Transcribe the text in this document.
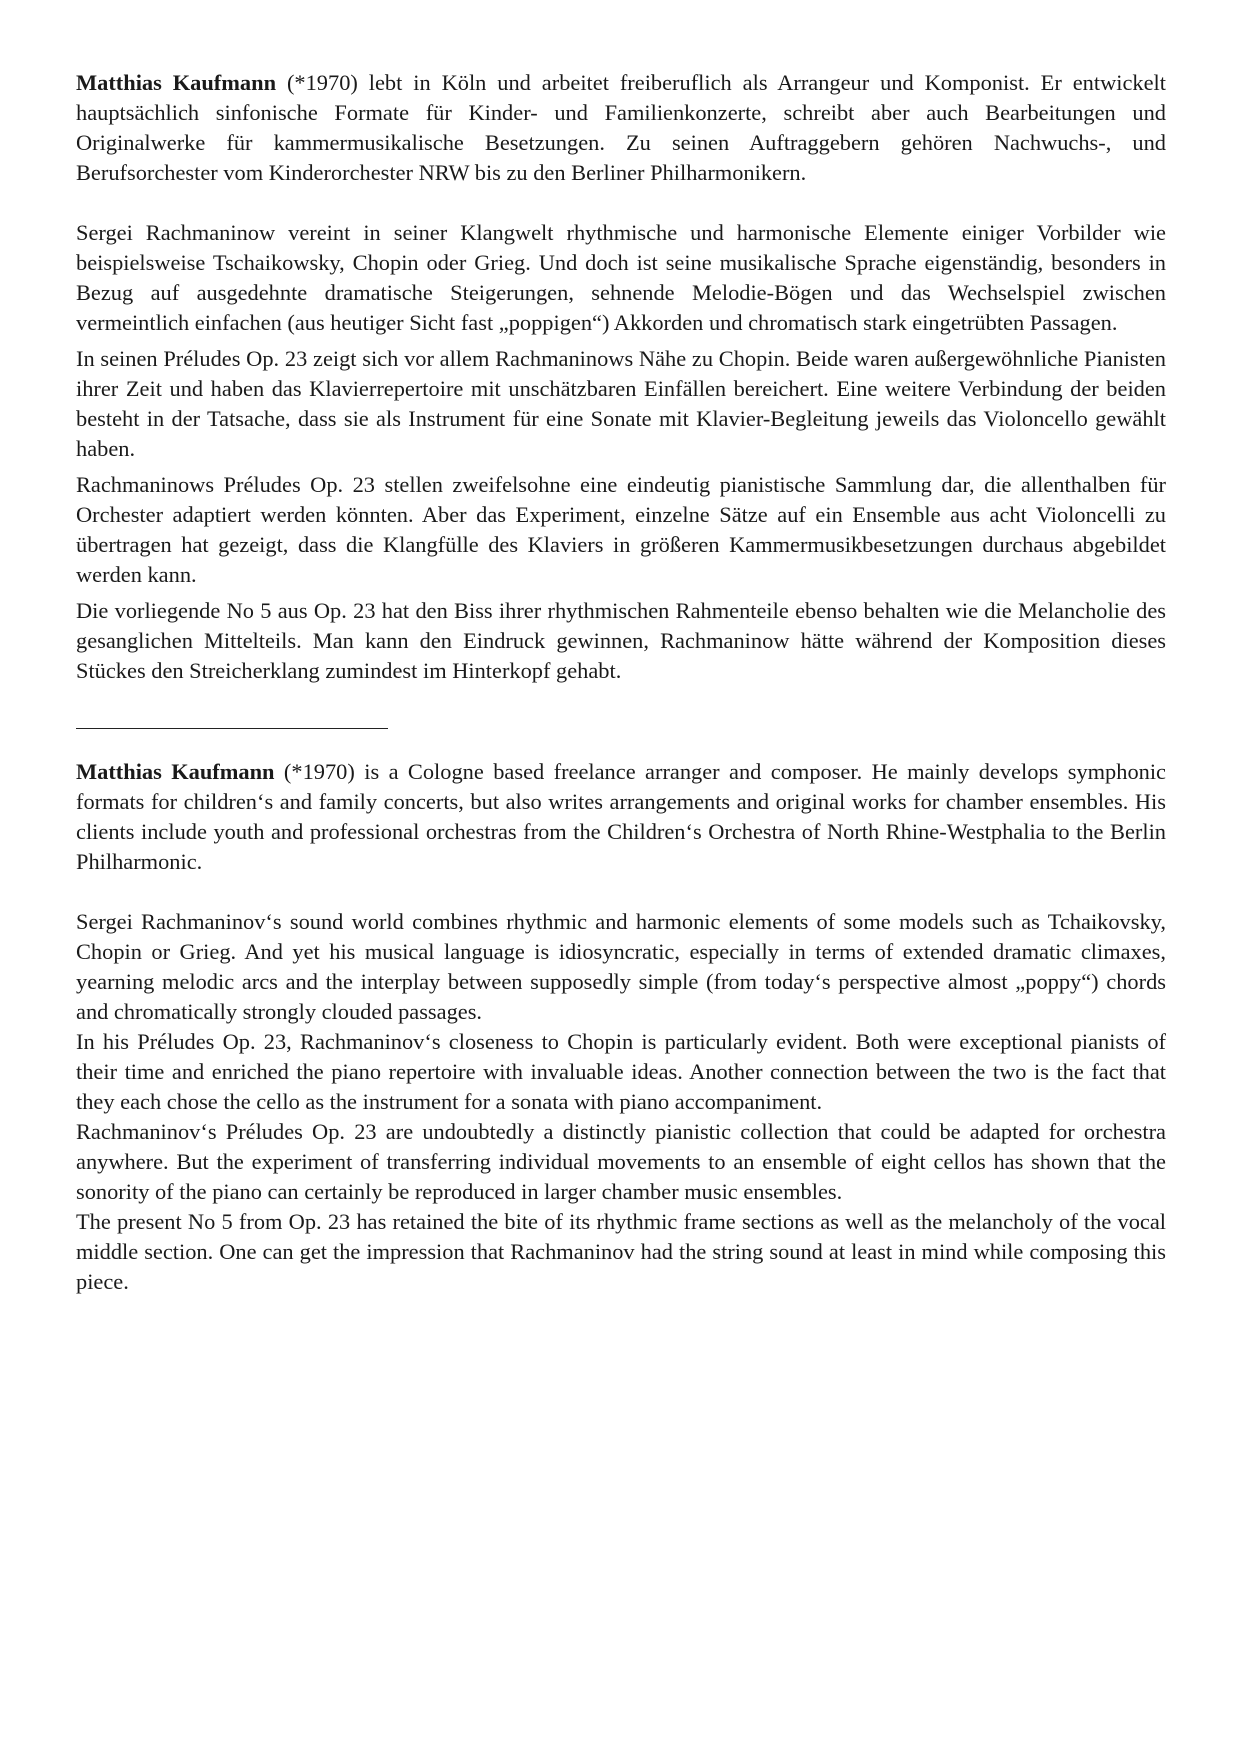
Matthias Kaufmann (*1970) lebt in Köln und arbeitet freiberuflich als Arrangeur und Komponist. Er entwickelt hauptsächlich sinfonische Formate für Kinder- und Familienkonzerte, schreibt aber auch Bearbeitungen und Originalwerke für kammermusikalische Besetzungen. Zu seinen Auftraggebern gehören Nachwuchs-, und Berufsorchester vom Kinderorchester NRW bis zu den Berliner Philharmonikern.

Sergei Rachmaninow vereint in seiner Klangwelt rhythmische und harmonische Elemente einiger Vorbilder wie beispielsweise Tschaikowsky, Chopin oder Grieg. Und doch ist seine musikalische Sprache eigenständig, besonders in Bezug auf ausgedehnte dramatische Steigerungen, sehnende Melodie-Bögen und das Wechselspiel zwischen vermeintlich einfachen (aus heutiger Sicht fast „poppigen“) Akkorden und chromatisch stark eingetrübten Passagen.

In seinen Préludes Op. 23 zeigt sich vor allem Rachmaninows Nähe zu Chopin. Beide waren außergewöhnliche Pianisten ihrer Zeit und haben das Klavierrepertoire mit unschätzbaren Einfällen bereichert. Eine weitere Verbindung der beiden besteht in der Tatsache, dass sie als Instrument für eine Sonate mit Klavier-Begleitung jeweils das Violoncello gewählt haben.

Rachmaninows Préludes Op. 23 stellen zweifelsohne eine eindeutig pianistische Sammlung dar, die allenthalben für Orchester adaptiert werden könnten. Aber das Experiment, einzelne Sätze auf ein Ensemble aus acht Violoncelli zu übertragen hat gezeigt, dass die Klangfülle des Klaviers in größeren Kammermusikbesetzungen durchaus abgebildet werden kann.

Die vorliegende No 5 aus Op. 23 hat den Biss ihrer rhythmischen Rahmenteile ebenso behalten wie die Melancholie des gesanglichen Mittelteils. Man kann den Eindruck gewinnen, Rachmaninow hätte während der Komposition dieses Stückes den Streicherklang zumindest im Hinterkopf gehabt.

Matthias Kaufmann (*1970) is a Cologne based freelance arranger and composer. He mainly develops symphonic formats for children‘s and family concerts, but also writes arrangements and original works for chamber ensembles. His clients include youth and professional orchestras from the Children‘s Orchestra of North Rhine-Westphalia to the Berlin Philharmonic.

Sergei Rachmaninov‘s sound world combines rhythmic and harmonic elements of some models such as Tchaikovsky, Chopin or Grieg. And yet his musical language is idiosyncratic, especially in terms of extended dramatic climaxes, yearning melodic arcs and the interplay between supposedly simple (from today‘s perspective almost „poppy“) chords and chromatically strongly clouded passages.

In his Préludes Op. 23, Rachmaninov‘s closeness to Chopin is particularly evident. Both were exceptional pianists of their time and enriched the piano repertoire with invaluable ideas. Another connection between the two is the fact that they each chose the cello as the instrument for a sonata with piano accompaniment.

Rachmaninov‘s Préludes Op. 23 are undoubtedly a distinctly pianistic collection that could be adapted for orchestra anywhere. But the experiment of transferring individual movements to an ensemble of eight cellos has shown that the sonority of the piano can certainly be reproduced in larger chamber music ensembles.

The present No 5 from Op. 23 has retained the bite of its rhythmic frame sections as well as the melancholy of the vocal middle section. One can get the impression that Rachmaninov had the string sound at least in mind while composing this piece.
